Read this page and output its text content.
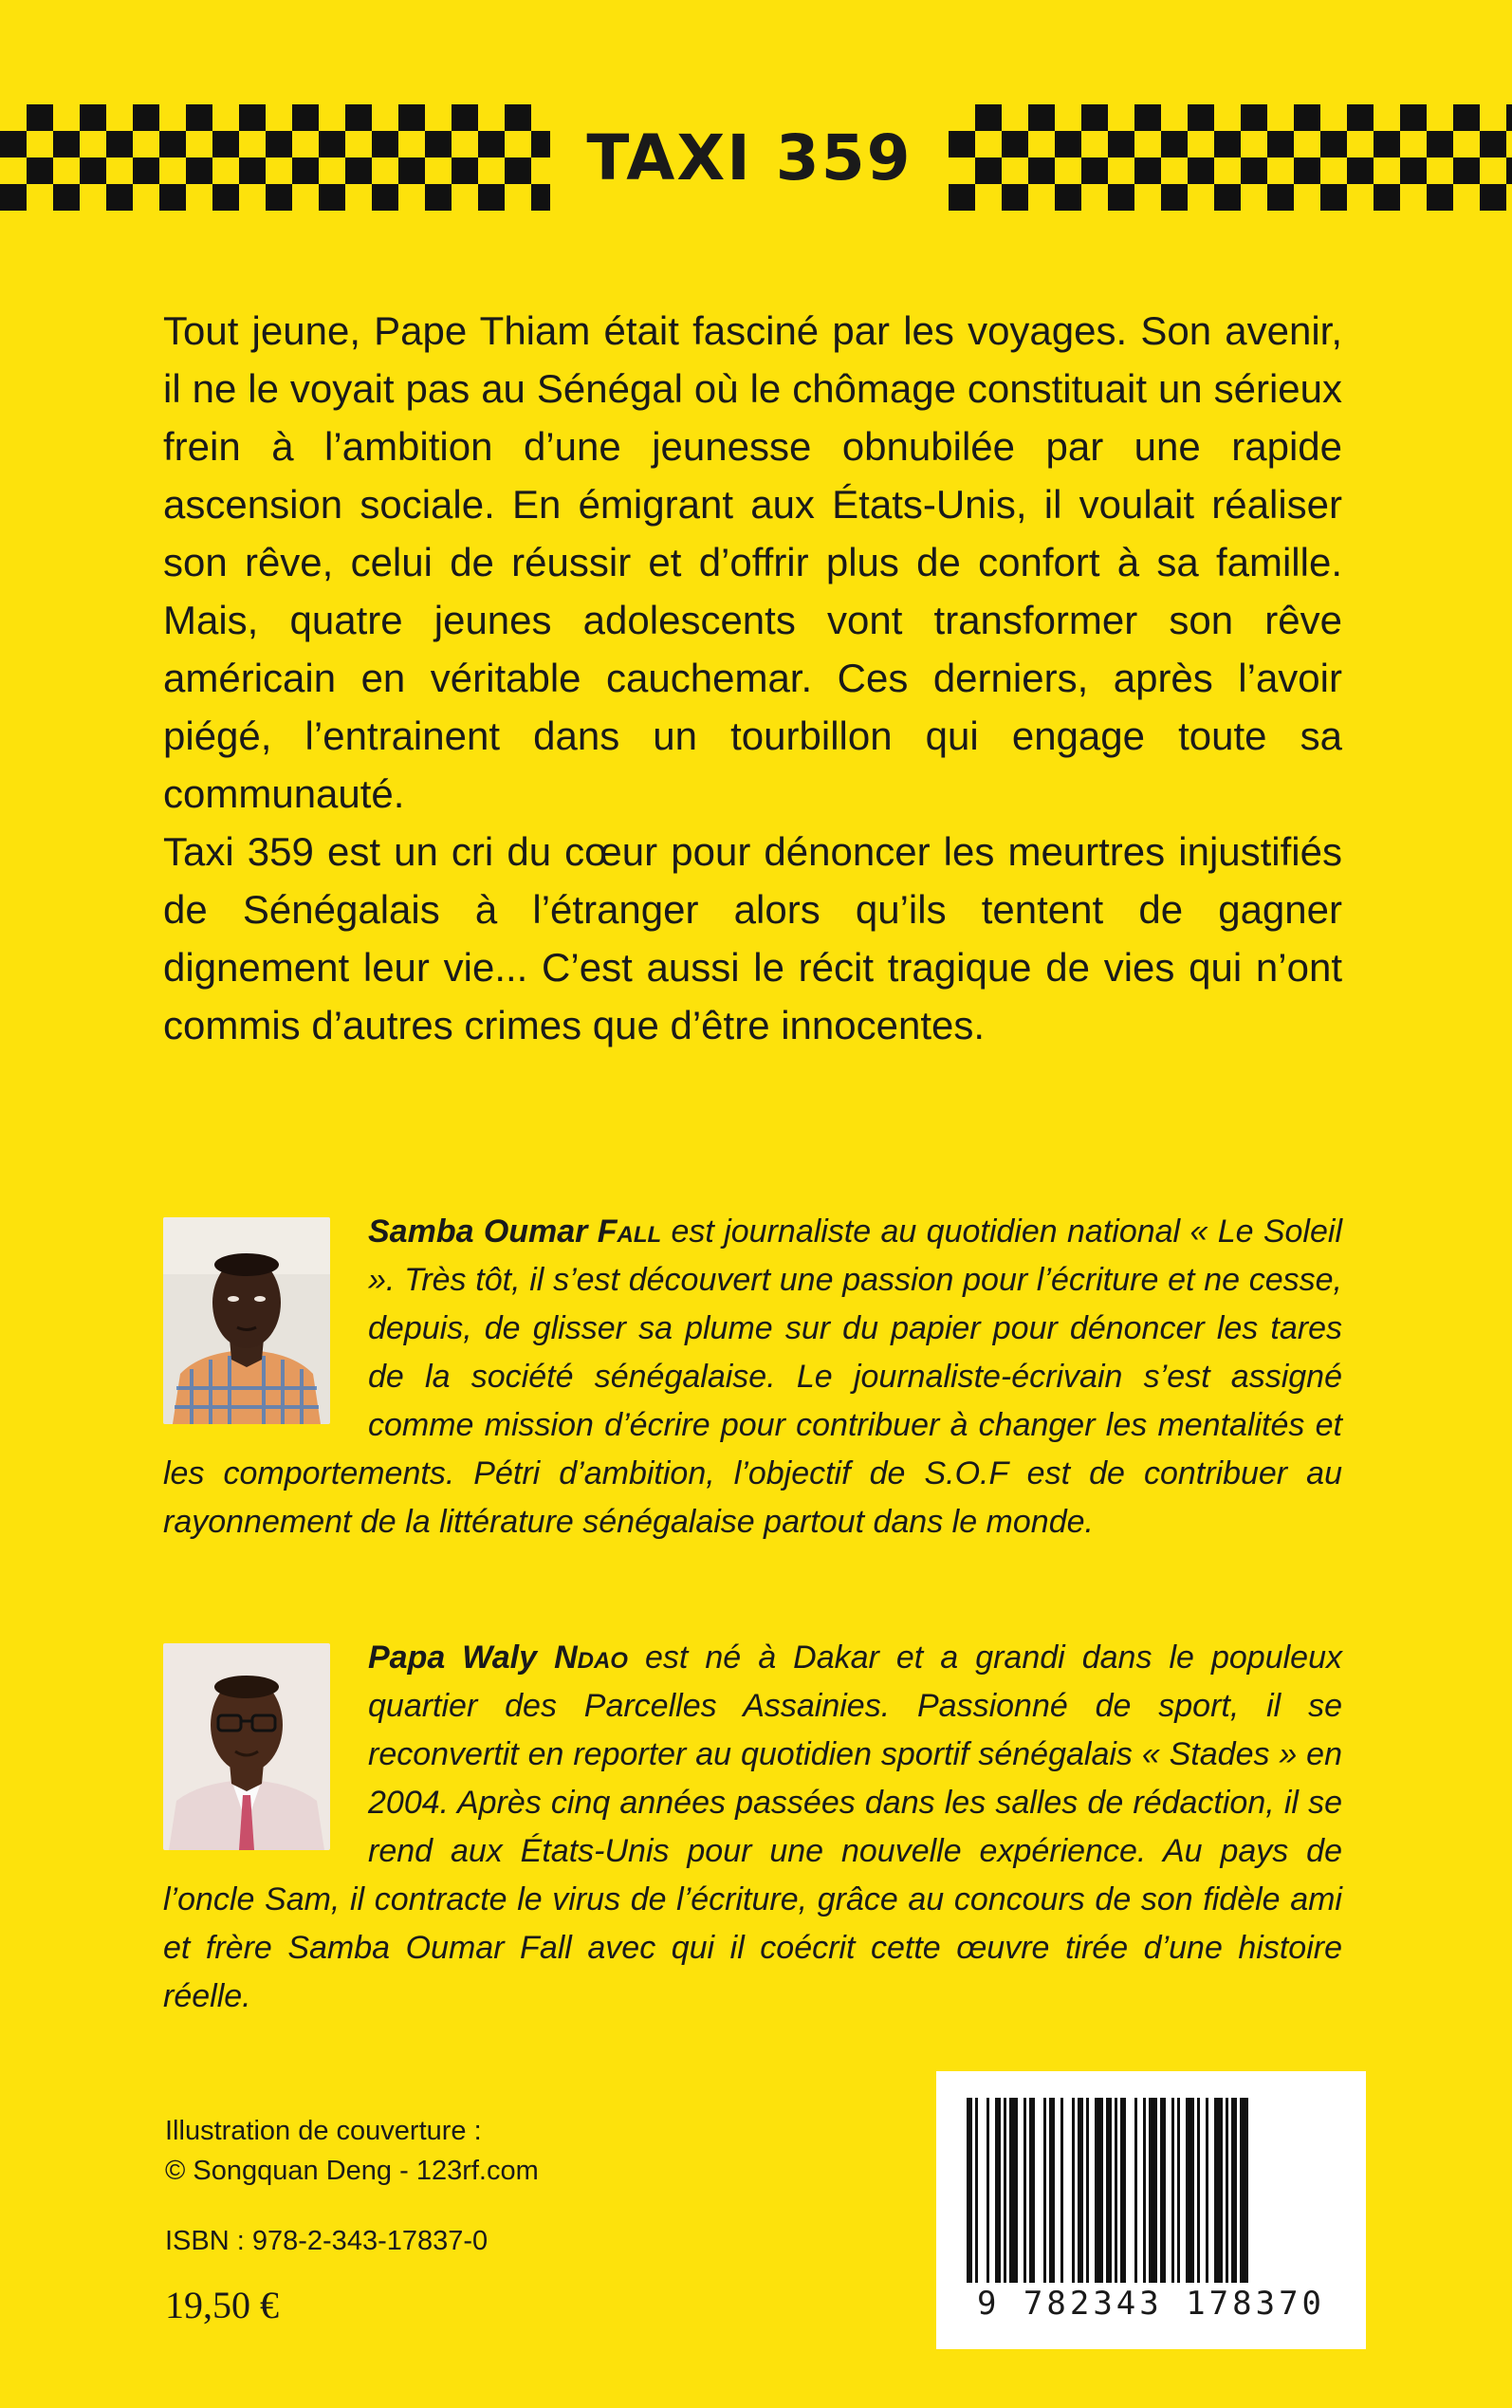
TAXI 359

Tout jeune, Pape Thiam était fasciné par les voyages. Son avenir, il ne le voyait pas au Sénégal où le chômage constituait un sérieux frein à l’ambition d’une jeunesse obnubilée par une rapide ascension sociale. En émigrant aux États-Unis, il voulait réaliser son rêve, celui de réussir et d’offrir plus de confort à sa famille. Mais, quatre jeunes adolescents vont transformer son rêve américain en véritable cauchemar. Ces derniers, après l’avoir piégé, l’entrainent dans un tourbillon qui engage toute sa communauté.

Taxi 359 est un cri du cœur pour dénoncer les meurtres injustifiés de Sénégalais à l’étranger alors qu’ils tentent de gagner dignement leur vie... C’est aussi le récit tragique de vies qui n’ont commis d’autres crimes que d’être innocentes.

Samba Oumar Fall est journaliste au quotidien national « Le Soleil ». Très tôt, il s’est découvert une passion pour l’écriture et ne cesse, depuis, de glisser sa plume sur du papier pour dénoncer les tares de la société sénégalaise. Le journaliste-écrivain s’est assigné comme mission d’écrire pour contribuer à changer les mentalités et les comportements. Pétri d’ambition, l’objectif de S.O.F est de contribuer au rayonnement de la littérature sénégalaise partout dans le monde.
Papa Waly Ndao est né à Dakar et a grandi dans le populeux quartier des Parcelles Assainies. Passionné de sport, il se reconvertit en reporter au quotidien sportif sénégalais « Stades » en 2004. Après cinq années passées dans les salles de rédaction, il se rend aux États-Unis pour une nouvelle expérience. Au pays de l’oncle Sam, il contracte le virus de l’écriture, grâce au concours de son fidèle ami et frère Samba Oumar Fall avec qui il coécrit cette œuvre tirée d’une histoire réelle.
Illustration de couverture :
© Songquan Deng - 123rf.com
ISBN : 978-2-343-17837-0
19,50 €	9 782343 178370
